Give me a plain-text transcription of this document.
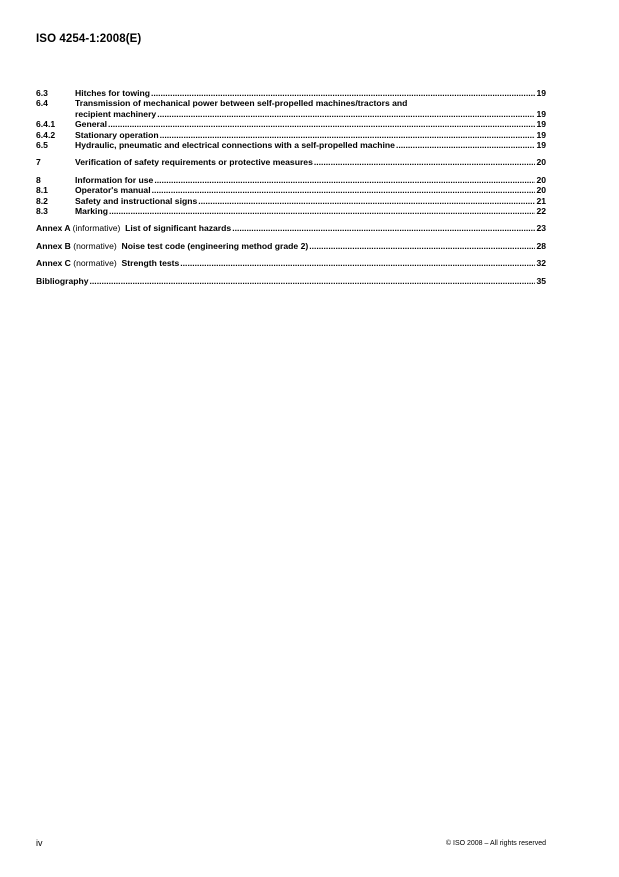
ISO 4254-1:2008(E)
6.3	Hitches for towing .....	19
6.4	Transmission of mechanical power between self-propelled machines/tractors and
recipient machinery .....	19
6.4.1	General .....	19
6.4.2	Stationary operation .....	19
6.5	Hydraulic, pneumatic and electrical connections with a self-propelled machine .....	19
7	Verification of safety requirements or protective measures .....	20
8	Information for use .....	20
8.1	Operator's manual .....	20
8.2	Safety and instructional signs .....	21
8.3	Marking .....	22
Annex A (informative) List of significant hazards .....	23
Annex B (normative) Noise test code (engineering method grade 2) .....	28
Annex C (normative) Strength tests .....	32
Bibliography .....	35
iv	© ISO 2008 – All rights reserved
